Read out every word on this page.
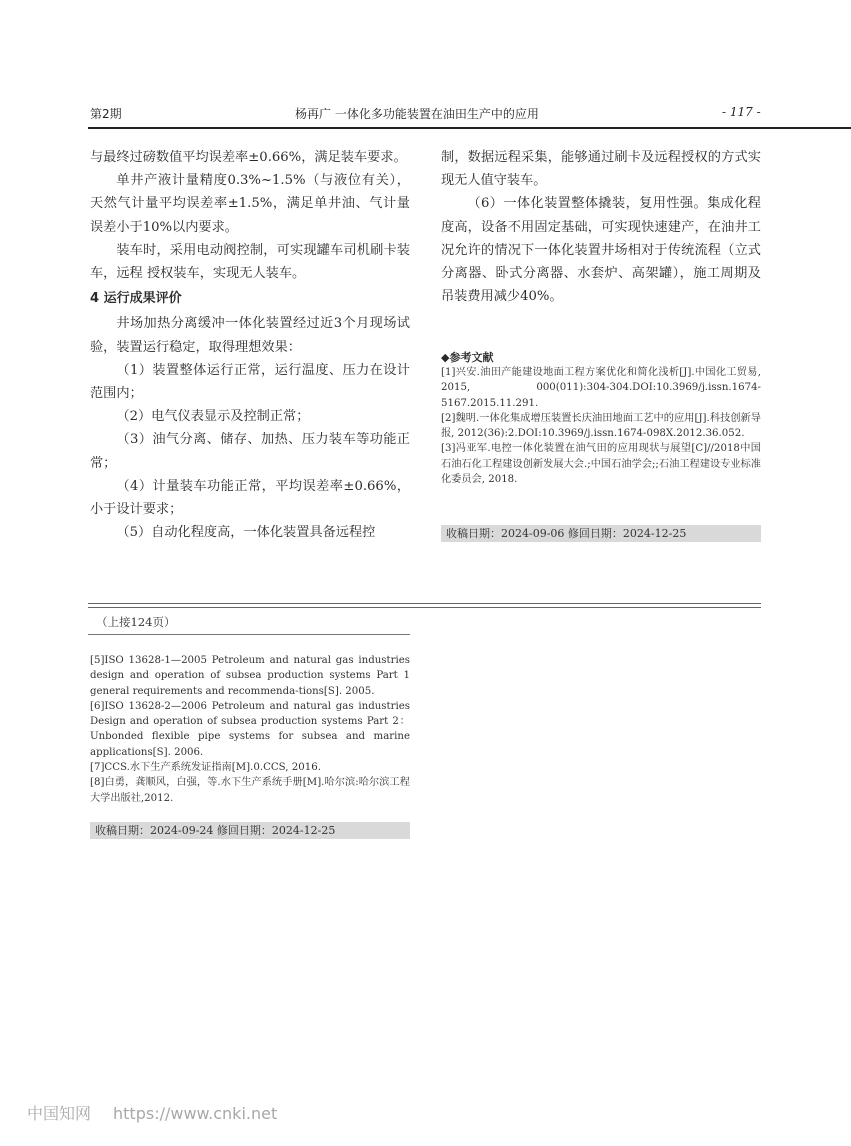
第2期	杨再广 一体化多功能装置在油田生产中的应用	- 117 -

与最终过磅数值平均误差率±0.66%，满足装车要求。

单井产液计量精度0.3%~1.5%（与液位有关），天然气计量平均误差率±1.5%，满足单井油、气计量误差小于10%以内要求。

装车时，采用电动阀控制，可实现罐车司机刷卡装车，远程 授权装车，实现无人装车。

4 运行成果评价

井场加热分离缓冲一体化装置经过近3个月现场试验，装置运行稳定，取得理想效果：

（1）装置整体运行正常，运行温度、压力在设计范围内；

（2）电气仪表显示及控制正常；

（3）油气分离、储存、加热、压力装车等功能正常；

（4）计量装车功能正常，平均误差率±0.66%，小于设计要求；

（5）自动化程度高，一体化装置具备远程控

制，数据远程采集，能够通过刷卡及远程授权的方式实现无人值守装车。

（6）一体化装置整体撬装，复用性强。集成化程度高，设备不用固定基础，可实现快速建产，在油井工况允许的情况下一体化装置井场相对于传统流程（立式分离器、卧式分离器、水套炉、高架罐），施工周期及吊装费用减少40%。

◆参考文献
[1]兴安.油田产能建设地面工程方案优化和简化浅析[J].中国化工贸易, 2015, 000(011):304-304.DOI:10.3969/j.issn.1674-5167.2015.11.291.
[2]魏明.一体化集成增压装置长庆油田地面工艺中的应用[J].科技创新导报, 2012(36):2.DOI:10.3969/j.issn.1674-098X.2012.36.052.
[3]冯亚军.电控一体化装置在油气田的应用现状与展望[C]//2018中国石油石化工程建设创新发展大会.;中国石油学会;;石油工程建设专业标准化委员会, 2018.
收稿日期：2024-09-06 修回日期：2024-12-25
（上接124页）
[5]ISO 13628-1—2005 Petroleum and natural gas industries design and operation of subsea production systems Part 1 general requirements and recommenda-tions[S]. 2005.
[6]ISO 13628-2—2006 Petroleum and natural gas industries Design and operation of subsea production systems Part 2：Unbonded flexible pipe systems for subsea and marine applications[S]. 2006.
[7]CCS.水下生产系统发证指南[M].0.CCS, 2016.
[8]白勇，龚顺风，白强，等.水下生产系统手册[M].哈尔滨:哈尔滨工程大学出版社,2012.
收稿日期：2024-09-24 修回日期：2024-12-25
中国知网 https://www.cnki.net
